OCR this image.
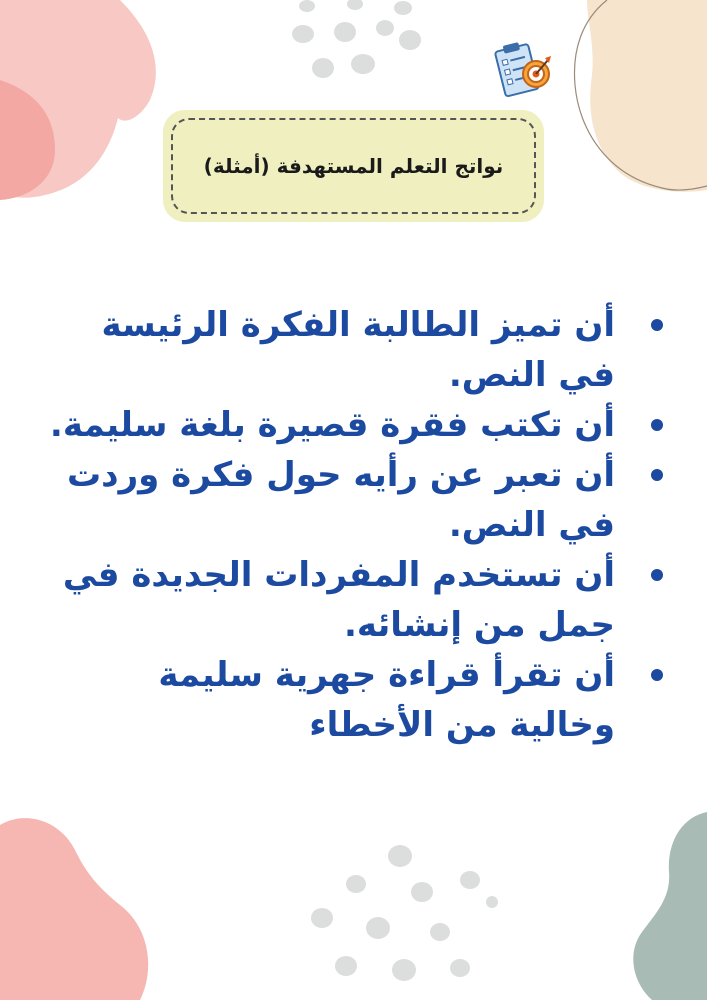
نواتج التعلم المستهدفة (أمثلة)
أن تميز الطالبة الفكرة الرئيسة في النص.
أن تكتب فقرة قصيرة بلغة سليمة.
أن تعبر عن رأيه حول فكرة وردت في النص.
أن تستخدم المفردات الجديدة في جمل من إنشائه.
أن تقرأ قراءة جهرية سليمة وخالية من الأخطاء
